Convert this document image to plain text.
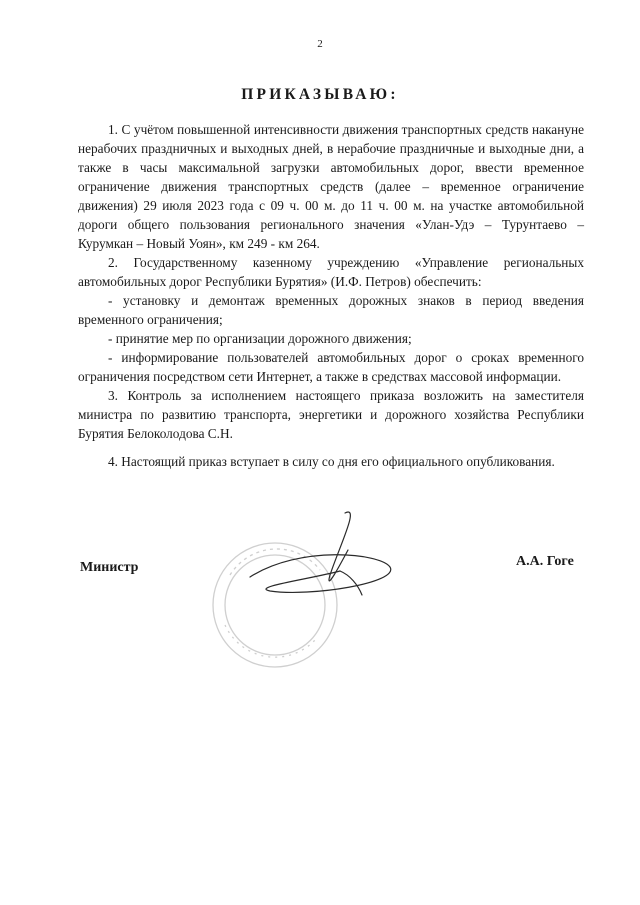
2
ПРИКАЗЫВАЮ:

1. С учётом повышенной интенсивности движения транспортных средств накануне нерабочих праздничных и выходных дней, в нерабочие праздничные и выходные дни, а также в часы максимальной загрузки автомобильных дорог, ввести временное ограничение движения транспортных средств (далее – временное ограничение движения) 29 июля 2023 года с 09 ч. 00 м. до 11 ч. 00 м. на участке автомобильной дороги общего пользования регионального значения «Улан-Удэ – Турунтаево – Курумкан – Новый Уоян», км 249 - км 264.

2. Государственному казенному учреждению «Управление региональных автомобильных дорог Республики Бурятия» (И.Ф. Петров) обеспечить:

- установку и демонтаж временных дорожных знаков в период введения временного ограничения;

- принятие мер по организации дорожного движения;

- информирование пользователей автомобильных дорог о сроках временного ограничения посредством сети Интернет, а также в средствах массовой информации.

3. Контроль за исполнением настоящего приказа возложить на заместителя министра по развитию транспорта, энергетики и дорожного хозяйства Республики Бурятия Белоколодова С.Н.

4. Настоящий приказ вступает в силу со дня его официального опубликования.

Министр	А.А. Гоге
